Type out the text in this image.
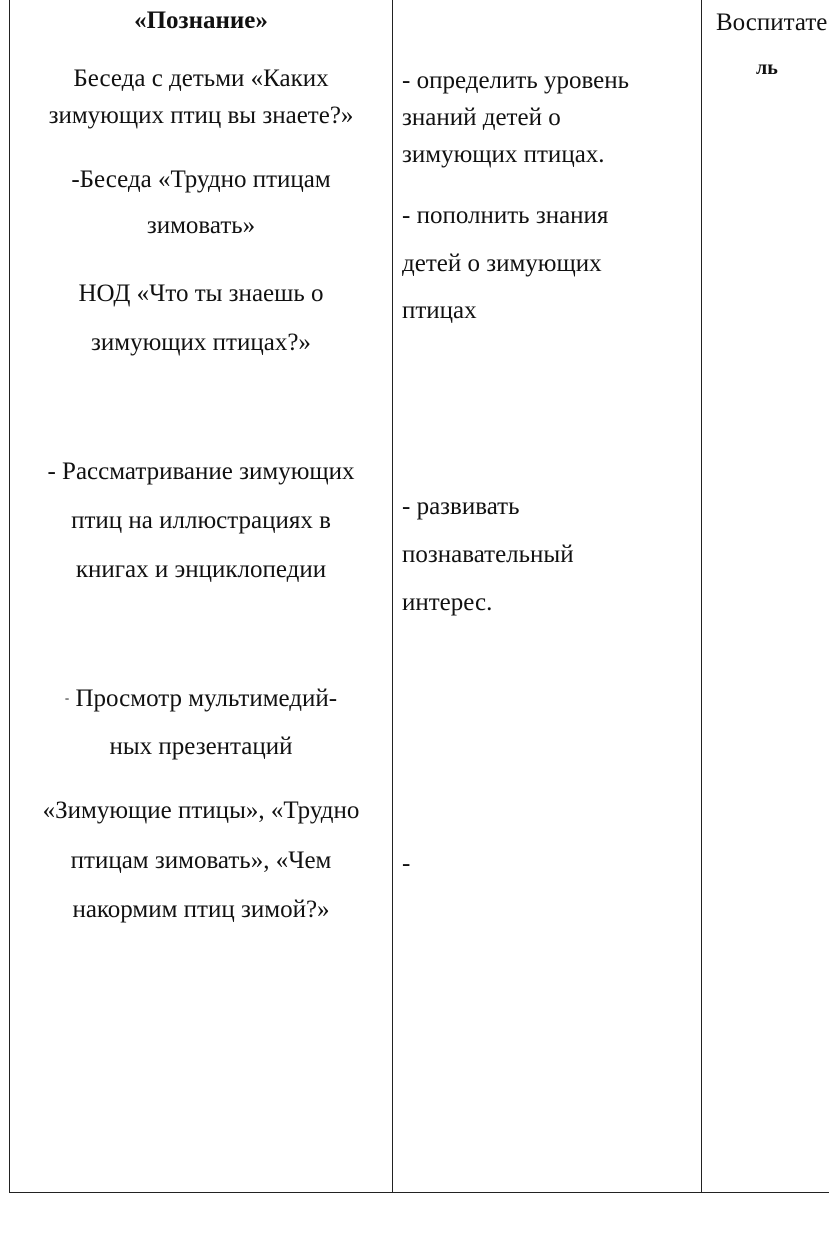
«Познание»
Беседа с детьми «Каких
зимующих птиц вы знаете?»
-Беседа «Трудно птицам
зимовать»
НОД «Что ты знаешь о
зимующих птицах?»
- Рассматривание зимующих
птиц на иллюстрациях в
книгах и энциклопедии
- Просмотр мультимедий-
ных презентаций
«Зимующие птицы», «Трудно
птицам зимовать», «Чем
накормим птиц зимой?»
- определить уровень
знаний детей о
зимующих птицах.
- пополнить знания
детей о зимующих
птицах
- развивать
познавательный
интерес.
-
Воспитате
ль
